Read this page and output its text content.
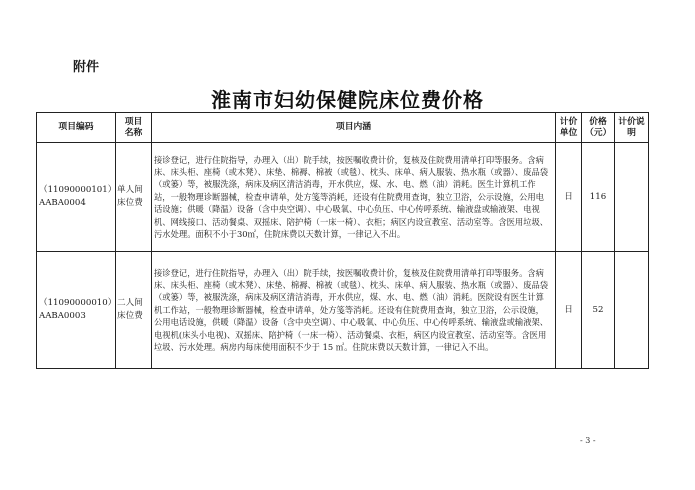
附件
淮南市妇幼保健院床位费价格
项目编码	项目名称	项目内涵	计价单位	价格（元）	计价说明

（11090000101）
AABA0004	单人间床位费	接诊登记，进行住院指导，办理入（出）院手续，按医嘱收费计价，复核及住院费用清单打印等服务。含病床、床头柜、座椅（或木凳）、床垫、棉褥、棉被（或毯）、枕头、床单、病人服装、热水瓶（或器）、废品袋（或篓）等，被服洗涤，病床及病区清洁消毒，开水供应，煤、水、电、燃（油）消耗。医生计算机工作站，一般物理诊断器械，检查申请单，处方笺等消耗，还设有住院费用查询，独立卫浴，公示设施，公用电话设施；供暖（降温）设备（含中央空调）、中心吸氧、中心负压、中心传呼系统、输液盘或输液架、电视机、网线接口、活动餐桌、双摇床、陪护椅（一床一椅）、衣柜；病区内设宣教室、活动室等。含医用垃圾、污水处理。面积不小于30㎡，住院床费以天数计算，一律记入不出。	日	116	

（11090000010）
AABA0003	二人间床位费	接诊登记，进行住院指导，办理入（出）院手续，按医嘱收费计价，复核及住院费用清单打印等服务。含病床、床头柜、座椅（或木凳）、床垫、棉褥、棉被（或毯）、枕头、床单、病人服装、热水瓶（或器）、废品袋（或篓）等，被服洗涤，病床及病区清洁消毒，开水供应，煤、水、电、燃（油）消耗。医院设有医生计算机工作站，一般物理诊断器械，检查申请单，处方笺等消耗。还设有住院费用查询，独立卫浴，公示设施，公用电话设施，供暖（降温）设备（含中央空调）、中心吸氧、中心负压、中心传呼系统、输液盘或输液架、电视机(床头小电视)、双摇床、陪护椅（一床一椅）、活动餐桌、衣柜，病区内设宣教室、活动室等。含医用垃圾、污水处理。病房内每床使用面积不少于 15 ㎡。住院床费以天数计算，一律记入不出。	日	52	
- 3 -
